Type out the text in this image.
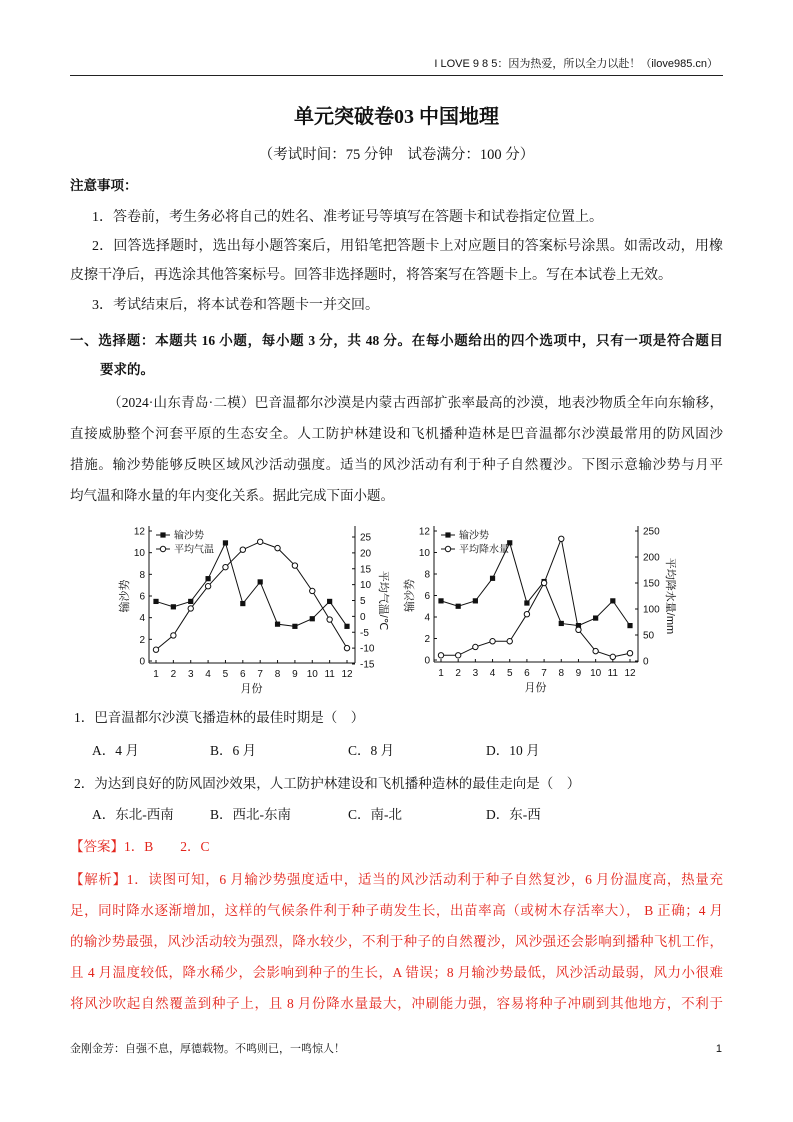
I LOVE 9 8 5：因为热爱，所以全力以赴！（ilove985.cn）
单元突破卷03 中国地理
（考试时间：75 分钟　试卷满分：100 分）
注意事项：
1．答卷前，考生务必将自己的姓名、准考证号等填写在答题卡和试卷指定位置上。
2．回答选择题时，选出每小题答案后，用铅笔把答题卡上对应题目的答案标号涂黑。如需改动，用橡
皮擦干净后，再选涂其他答案标号。回答非选择题时，将答案写在答题卡上。写在本试卷上无效。
3．考试结束后，将本试卷和答题卡一并交回。
一、选择题：本题共 16 小题，每小题 3 分，共 48 分。在每小题给出的四个选项中，只有一项是符合题目
要求的。
（2024·山东青岛·二模）巴音温都尔沙漠是内蒙古西部扩张率最高的沙漠，地表沙物质全年向东输移，
直接威胁整个河套平原的生态安全。人工防护林建设和飞机播种造林是巴音温都尔沙漠最常用的防风固沙
措施。输沙势能够反映区域风沙活动强度。适当的风沙活动有利于种子自然覆沙。下图示意输沙势与月平
均气温和降水量的年内变化关系。据此完成下面小题。
0
2
4
6
8
10
12
-15
-10
-5
0
5
10
15
20
25
1 2 3 4 5 6 7 8 9 10 11 12
月份
输沙势	平均气温/℃
输沙势
平均气温
0
2
4
6
8
10
12
0
50
100
150
200
250
1 2 3 4 5 6 7 8 9 10 11 12
月份
输沙势	平均降水量/mm
输沙势
平均降水量
1．巴音温都尔沙漠飞播造林的最佳时期是（　）
A．4 月	B．6 月	C．8 月	D．10 月
2．为达到良好的防风固沙效果，人工防护林建设和飞机播种造林的最佳走向是（　）
A．东北-西南	B．西北-东南	C．南-北	D．东-西
【答案】1．B　　2．C
【解析】1．读图可知，6 月输沙势强度适中，适当的风沙活动利于种子自然复沙，6 月份温度高，热量充
足，同时降水逐渐增加，这样的气候条件利于种子萌发生长，出苗率高（或树木存活率大）， B 正确；4 月
的输沙势最强，风沙活动较为强烈，降水较少，不利于种子的自然覆沙，风沙强还会影响到播种飞机工作，
且 4 月温度较低，降水稀少，会影响到种子的生长，A 错误；8 月输沙势最低，风沙活动最弱，风力小很难
将风沙吹起自然覆盖到种子上，且 8 月份降水量最大，冲刷能力强，容易将种子冲刷到其他地方，不利于
金刚金芳：自强不息，厚德载物。不鸣则已，一鸣惊人！	1
